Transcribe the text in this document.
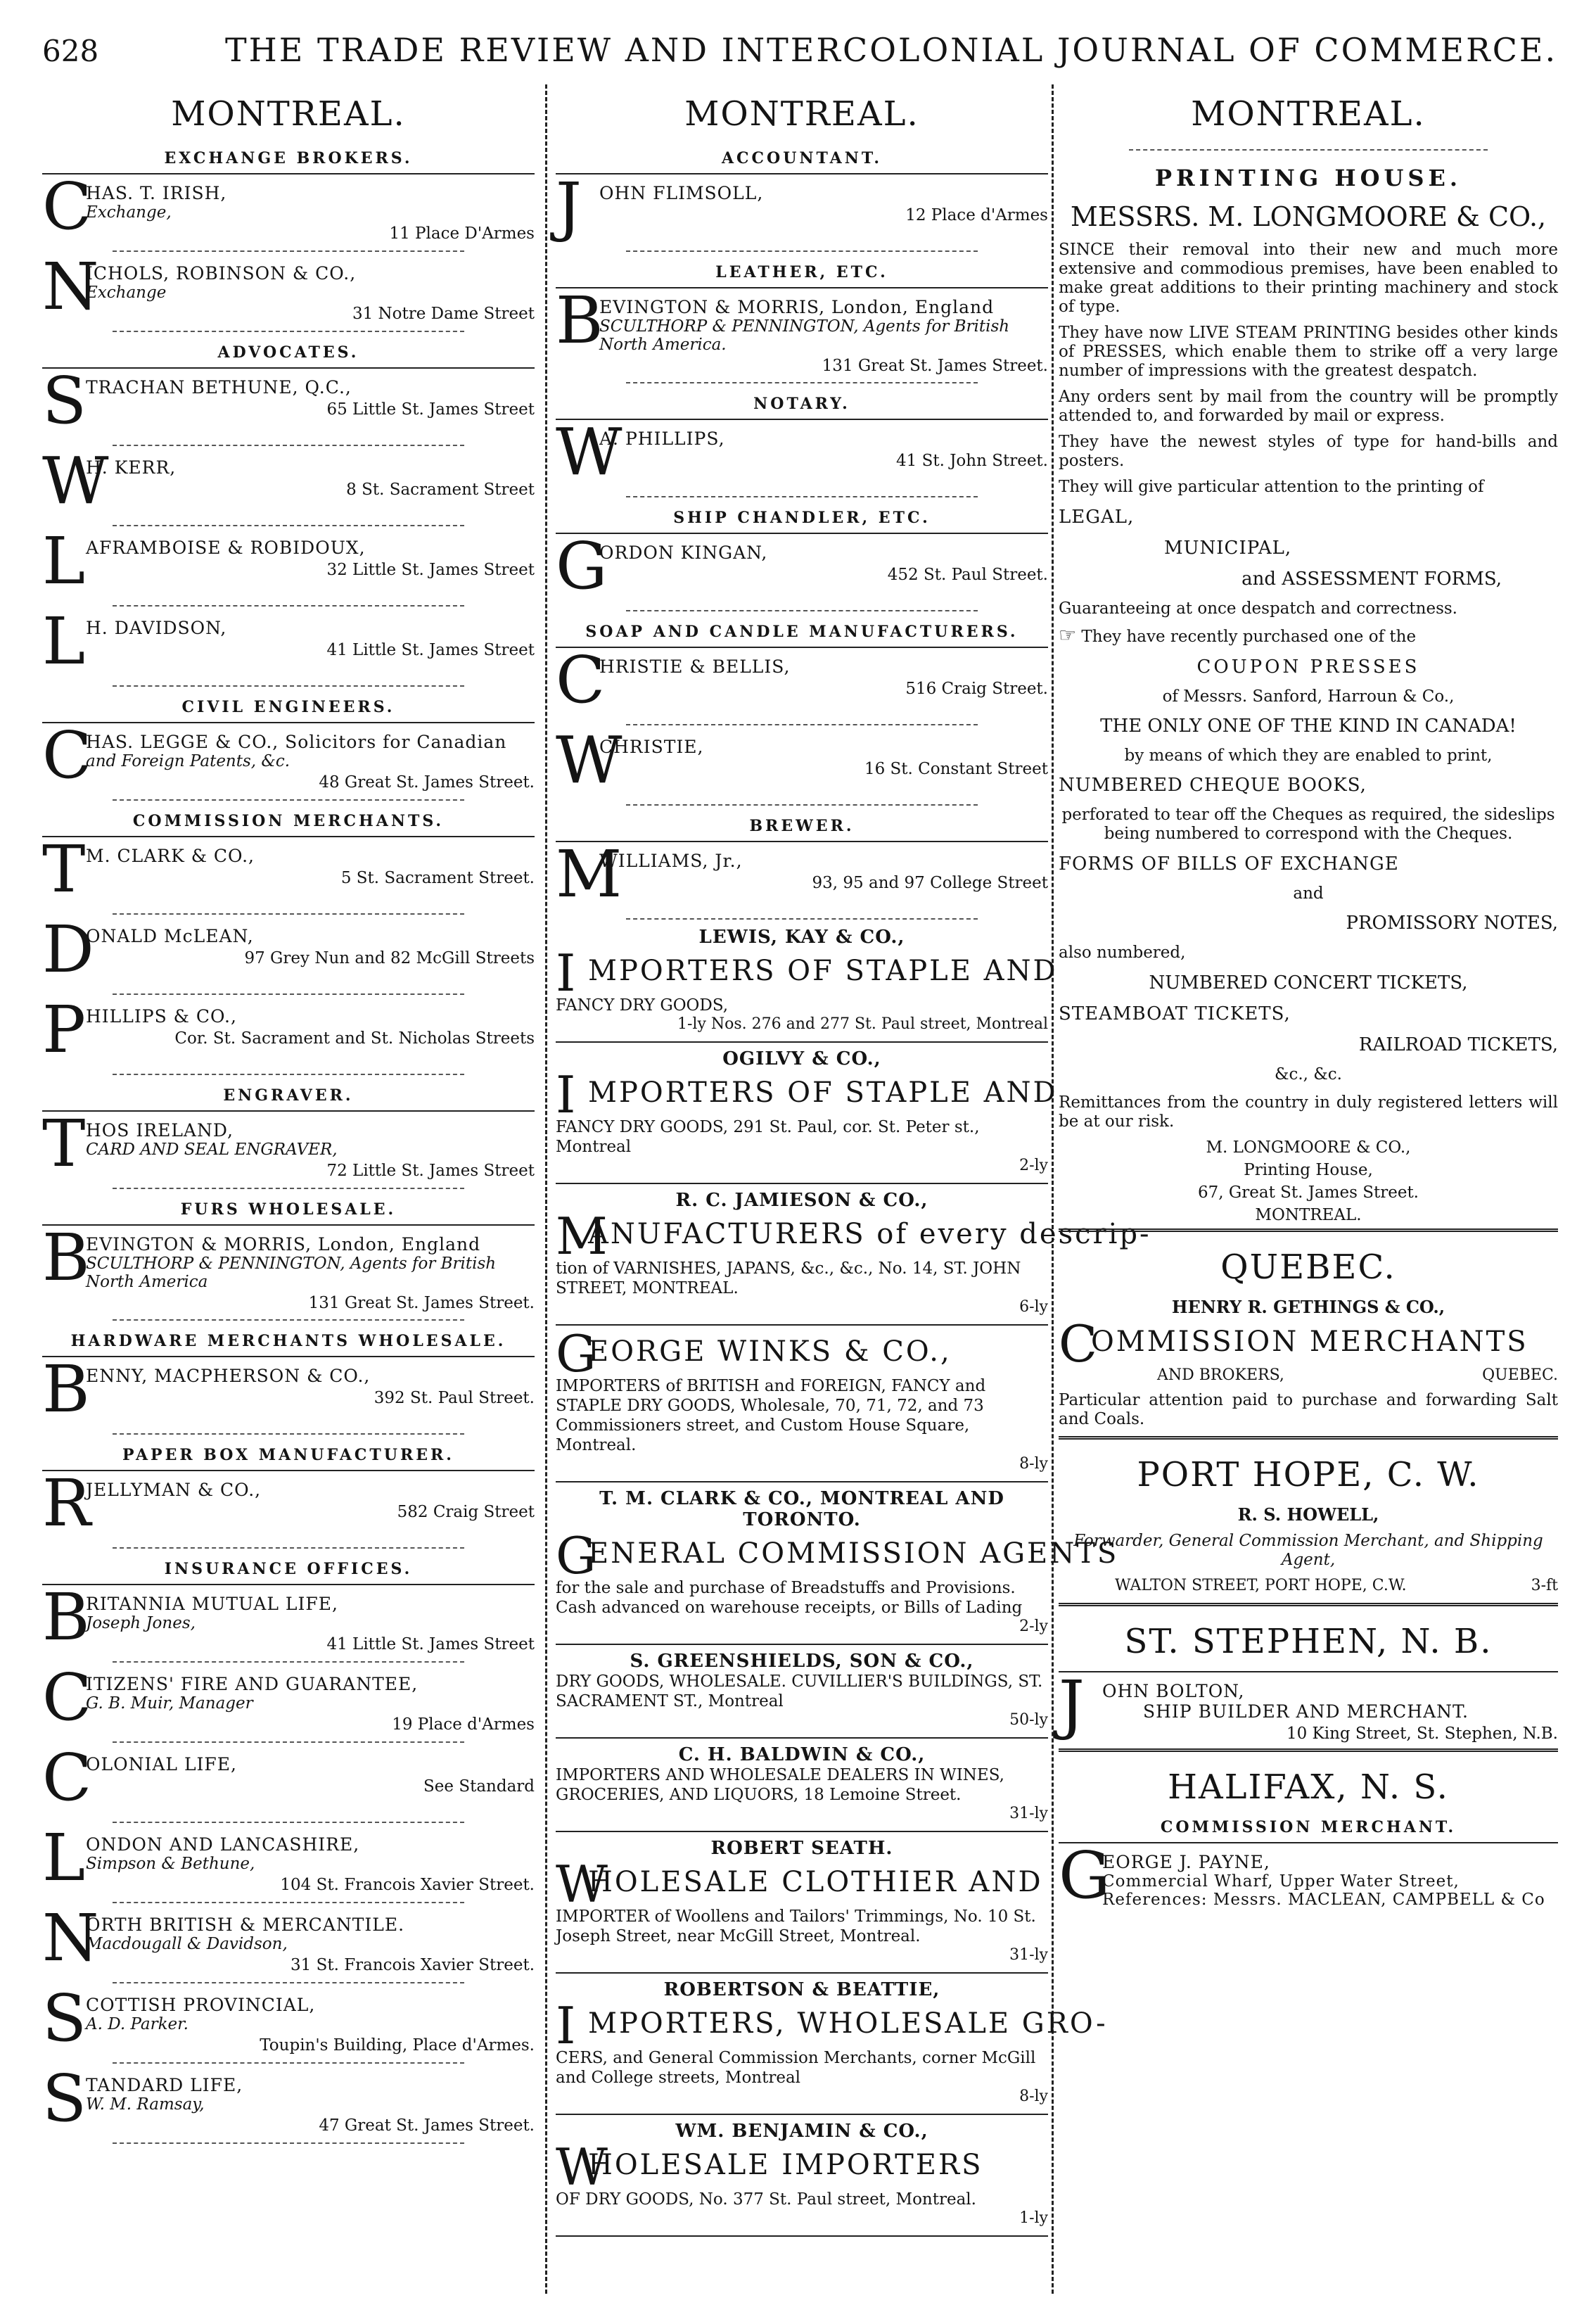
628	THE TRADE REVIEW AND INTERCOLONIAL JOURNAL OF COMMERCE.
MONTREAL.
EXCHANGE BROKERS.
C
HAS. T. IRISH,
Exchange,
11 Place D'Armes
N
ICHOLS, ROBINSON & CO.,
Exchange
31 Notre Dame Street
ADVOCATES.
S
TRACHAN BETHUNE, Q.C.,
65 Little St. James Street
W
H. KERR,
8 St. Sacrament Street
L AFRAMBOISE & ROBIDOUX,
32 Little St. James Street
L H. DAVIDSON,
41 Little St. James Street
CIVIL ENGINEERS.
C
HAS. LEGGE & CO., Solicitors for Canadian
and Foreign Patents, &c.
48 Great St. James Street.
COMMISSION MERCHANTS.
T M. CLARK & CO.,
5 St. Sacrament Street.
D
ONALD McLEAN,
97 Grey Nun and 82 McGill Streets
P HILLIPS & CO.,
Cor. St. Sacrament and St. Nicholas Streets
ENGRAVER.
T HOS IRELAND,
CARD AND SEAL ENGRAVER,
72 Little St. James Street
FURS WHOLESALE.
B
EVINGTON & MORRIS, London, England
SCULTHORP & PENNINGTON, Agents for British North America
131 Great St. James Street.
HARDWARE MERCHANTS WHOLESALE.
B
ENNY, MACPHERSON & CO.,
392 St. Paul Street.
PAPER BOX MANUFACTURER.
R
JELLYMAN & CO.,
582 Craig Street
INSURANCE OFFICES.
B
RITANNIA MUTUAL LIFE,
Joseph Jones,
41 Little St. James Street
C
ITIZENS' FIRE AND GUARANTEE,
G. B. Muir, Manager
19 Place d'Armes
C
OLONIAL LIFE,
See Standard
L ONDON AND LANCASHIRE,
Simpson & Bethune,
104 St. Francois Xavier Street.
N
ORTH BRITISH & MERCANTILE.
Macdougall & Davidson,
31 St. Francois Xavier Street.
S
COTTISH PROVINCIAL,
A. D. Parker.
Toupin's Building, Place d'Armes.
S
TANDARD LIFE,
W. M. Ramsay,
47 Great St. James Street.
MONTREAL.
ACCOUNTANT.
J OHN FLIMSOLL,
12 Place d'Armes
LEATHER, ETC.
B
EVINGTON & MORRIS, London, England
SCULTHORP & PENNINGTON, Agents for British North America.
131 Great St. James Street.
NOTARY.
W
A. PHILLIPS,
41 St. John Street.
SHIP CHANDLER, ETC.
G
ORDON KINGAN,
452 St. Paul Street.
SOAP AND CANDLE MANUFACTURERS.
C
HRISTIE & BELLIS,
516 Craig Street.
W
CHRISTIE,
16 St. Constant Street
BREWER.
M
WILLIAMS, Jr.,
93, 95 and 97 College Street
LEWIS, KAY & CO.,
I MPORTERS OF STAPLE AND
FANCY DRY GOODS,
1-ly Nos. 276 and 277 St. Paul street, Montreal
OGILVY & CO.,
I MPORTERS OF STAPLE AND
FANCY DRY GOODS, 291 St. Paul, cor. St. Peter st., Montreal
2-ly
R. C. JAMIESON & CO.,
M
ANUFACTURERS of every descrip-
tion of VARNISHES, JAPANS, &c., &c., No. 14, ST. JOHN STREET, MONTREAL.
6-ly
G
EORGE WINKS & CO.,
IMPORTERS of BRITISH and FOREIGN, FANCY and STAPLE DRY GOODS, Wholesale, 70, 71, 72, and 73 Commissioners street, and Custom House Square, Montreal.
8-ly
T. M. CLARK & CO., MONTREAL AND TORONTO.
G
ENERAL COMMISSION AGENTS
for the sale and purchase of Breadstuffs and Provisions. Cash advanced on warehouse receipts, or Bills of Lading
2-ly
S. GREENSHIELDS, SON & CO.,
DRY GOODS, WHOLESALE. CUVILLIER'S BUILDINGS, ST. SACRAMENT ST., Montreal
50-ly
C. H. BALDWIN & CO.,
IMPORTERS AND WHOLESALE DEALERS IN WINES, GROCERIES, AND LIQUORS, 18 Lemoine Street.
31-ly
ROBERT SEATH.
W
HOLESALE CLOTHIER AND
IMPORTER of Woollens and Tailors' Trimmings, No. 10 St. Joseph Street, near McGill Street, Montreal.
31-ly
ROBERTSON & BEATTIE,
I MPORTERS, WHOLESALE GRO-
CERS, and General Commission Merchants, corner McGill and College streets, Montreal
8-ly
WM. BENJAMIN & CO.,
W
HOLESALE IMPORTERS
OF DRY GOODS, No. 377 St. Paul street, Montreal.
1-ly
MONTREAL.
PRINTING HOUSE.
MESSRS. M. LONGMOORE & CO.,
SINCE their removal into their new and much more extensive and commodious premises, have been enabled to make great additions to their printing machinery and stock of type.
They have now LIVE STEAM PRINTING besides other kinds of PRESSES, which enable them to strike off a very large number of impressions with the greatest despatch.
Any orders sent by mail from the country will be promptly attended to, and forwarded by mail or express.
They have the newest styles of type for hand-bills and posters.
They will give particular attention to the printing of
LEGAL,
MUNICIPAL,
and ASSESSMENT FORMS,
Guaranteeing at once despatch and correctness.
☞ They have recently purchased one of the
COUPON PRESSES
of Messrs. Sanford, Harroun & Co.,
THE ONLY ONE OF THE KIND IN CANADA!
by means of which they are enabled to print,
NUMBERED CHEQUE BOOKS,
perforated to tear off the Cheques as required, the sideslips being numbered to correspond with the Cheques.
FORMS OF BILLS OF EXCHANGE
and
PROMISSORY NOTES,
also numbered,
NUMBERED CONCERT TICKETS,
STEAMBOAT TICKETS,
RAILROAD TICKETS,
&c., &c.
Remittances from the country in duly registered letters will be at our risk.
M. LONGMOORE & CO.,
Printing House,
67, Great St. James Street.
MONTREAL.
QUEBEC.
HENRY R. GETHINGS & CO.,
C
OMMISSION MERCHANTS
AND BROKERS,	QUEBEC.
Particular attention paid to purchase and forwarding Salt and Coals.
PORT HOPE, C. W.
R. S. HOWELL,
Forwarder, General Commission Merchant, and Shipping Agent,
WALTON STREET, PORT HOPE, C.W.	3-ft
ST. STEPHEN, N. B.
J OHN BOLTON,
SHIP BUILDER AND MERCHANT.
10 King Street, St. Stephen, N.B.
HALIFAX, N. S.
COMMISSION MERCHANT.
G
EORGE J. PAYNE,
Commercial Wharf, Upper Water Street,
References: Messrs. MACLEAN, CAMPBELL & Co
